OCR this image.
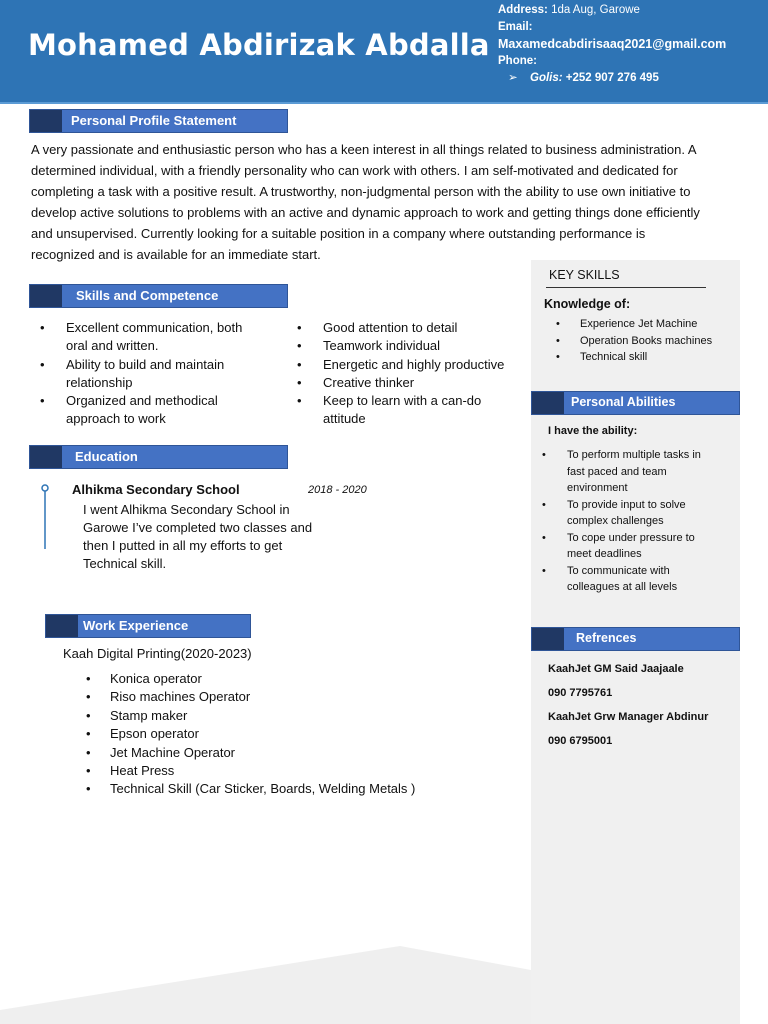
Mohamed Abdirizak Abdalla
Address: 1da Aug, Garowe
Email:
Maxamedcabdirisaaq2021@gmail.com
Phone:
➢ Golis: +252 907 276 495
Personal Profile Statement
A very passionate and enthusiastic person who has a keen interest in all things related to business administration. A
determined individual, with a friendly personality who can work with others. I am self-motivated and dedicated for
completing a task with a positive result. A trustworthy, non-judgmental person with the ability to use own initiative to
develop active solutions to problems with an active and dynamic approach to work and getting things done efficiently
and unsupervised. Currently looking for a suitable position in a company where outstanding performance is
recognized and is available for an immediate start.
Skills and Competence
• Excellent communication, both
oral and written.
• Ability to build and maintain
relationship
• Organized and methodical
approach to work
• Good attention to detail
• Teamwork individual
• Energetic and highly productive
• Creative thinker
• Keep to learn with a can-do
attitude
Education
Alhikma Secondary School	2018 - 2020
I went Alhikma Secondary School in
Garowe I’ve completed two classes and
then I putted in all my efforts to get
Technical skill.
Work Experience
Kaah Digital Printing(2020-2023)
• Konica operator
• Riso machines Operator
• Stamp maker
• Epson operator
• Jet Machine Operator
• Heat Press
• Technical Skill (Car Sticker, Boards, Welding Metals )
KEY SKILLS
Knowledge of:
• Experience Jet Machine
• Operation Books machines
• Technical skill
Personal Abilities
I have the ability:
• To perform multiple tasks in
fast paced and team
environment
• To provide input to solve
complex challenges
• To cope under pressure to
meet deadlines
• To communicate with
colleagues at all levels
Refrences
KaahJet GM Said Jaajaale
090 7795761
KaahJet Grw Manager Abdinur
090 6795001
